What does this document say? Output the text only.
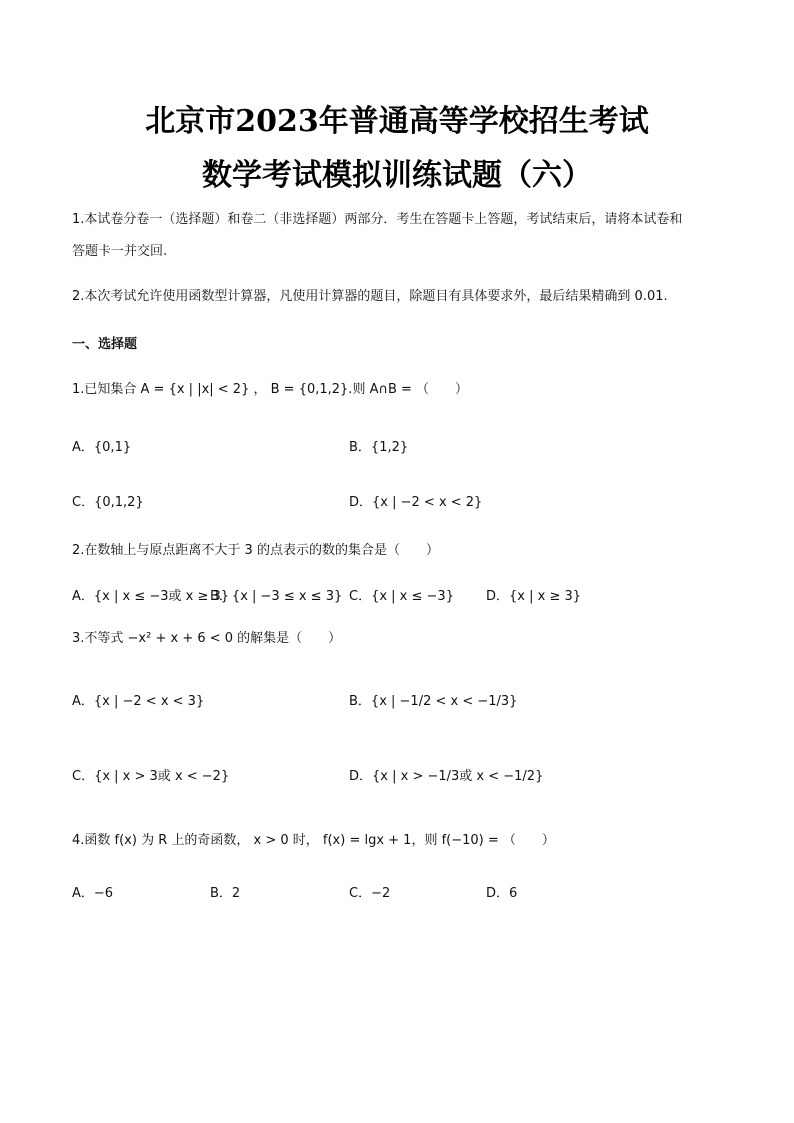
北京市2023年普通高等学校招生考试
数学考试模拟训练试题（六）
1.本试卷分卷一（选择题）和卷二（非选择题）两部分．考生在答题卡上答题，考试结束后，请将本试卷和
答题卡一并交回.
2.本次考试允许使用函数型计算器，凡使用计算器的题目，除题目有具体要求外，最后结果精确到 0.01.
一、选择题
1.已知集合 A = {x | |x| < 2} ， B = {0,1,2}.则 A∩B = （　　）
A．{0,1}	B．{1,2}
C．{0,1,2}	D．{x | −2 < x < 2}
2.在数轴上与原点距离不大于 3 的点表示的数的集合是（　　）
A．{x | x ≤ −3或 x ≥ 3}
B．{x | −3 ≤ x ≤ 3} C．{x | x ≤ −3} D．{x | x ≥ 3}
3.不等式 −x² + x + 6 < 0 的解集是（　　）
A．{x | −2 < x < 3}	B．{x | −1/2 < x < −1/3}
C．{x | x > 3或 x < −2}	D．{x | x > −1/3或 x < −1/2}
4.函数 f(x) 为 R 上的奇函数， x > 0 时， f(x) = lgx + 1，则 f(−10) = （　　）
A．−6	B．2	C．−2	D．6
